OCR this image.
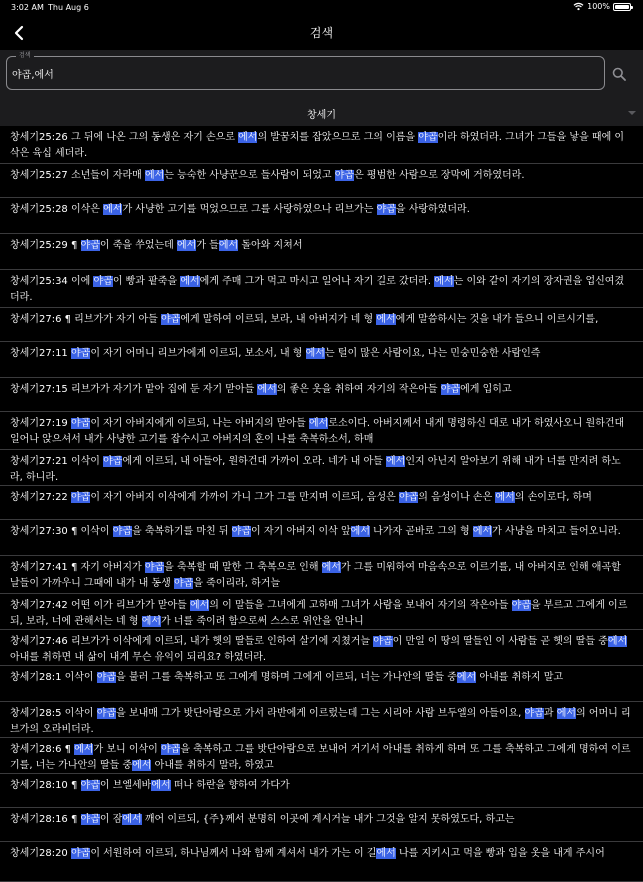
3:02 AM Thu Aug 6	100%
검색
검색
야곱,에서
창세기
창세기25:26 그 뒤에 나온 그의 동생은 자기 손으로 에서의 발꿈치를 잡았으므로 그의 이름을 야곱이라 하였더라. 그녀가 그들을 낳을 때에 이삭은 육십 세더라.
창세기25:27 소년들이 자라매 에서는 능숙한 사냥꾼으로 들사람이 되었고 야곱은 평범한 사람으로 장막에 거하였더라.
창세기25:28 이삭은 에서가 사냥한 고기를 먹었으므로 그를 사랑하였으나 리브가는 야곱을 사랑하였더라.
창세기25:29 ¶ 야곱이 죽을 쑤었는데 에서가 들에서 돌아와 지쳐서
창세기25:34 이에 야곱이 빵과 팥죽을 에서에게 주매 그가 먹고 마시고 일어나 자기 길로 갔더라. 에서는 이와 같이 자기의 장자권을 업신여겼더라.
창세기27:6 ¶ 리브가가 자기 아들 야곱에게 말하여 이르되, 보라, 내 아버지가 네 형 에서에게 말씀하시는 것을 내가 들으니 이르시기를,
창세기27:11 야곱이 자기 어머니 리브가에게 이르되, 보소서, 내 형 에서는 털이 많은 사람이요, 나는 민숭민숭한 사람인즉
창세기27:15 리브가가 자기가 맡아 집에 둔 자기 맏아들 에서의 좋은 옷을 취하여 자기의 작은아들 야곱에게 입히고
창세기27:19 야곱이 자기 아버지에게 이르되, 나는 아버지의 맏아들 에서로소이다. 아버지께서 내게 명령하신 대로 내가 하였사오니 원하건대 일어나 앉으셔서 내가 사냥한 고기를 잡수시고 아버지의 혼이 나를 축복하소서, 하매
창세기27:21 이삭이 야곱에게 이르되, 내 아들아, 원하건대 가까이 오라. 네가 내 아들 에서인지 아닌지 알아보기 위해 내가 너를 만지려 하노라, 하니라.
창세기27:22 야곱이 자기 아버지 이삭에게 가까이 가니 그가 그를 만지며 이르되, 음성은 야곱의 음성이나 손은 에서의 손이로다, 하며
창세기27:30 ¶ 이삭이 야곱을 축복하기를 마친 뒤 야곱이 자기 아버지 이삭 앞에서 나가자 곧바로 그의 형 에서가 사냥을 마치고 들어오니라.
창세기27:41 ¶ 자기 아버지가 야곱을 축복할 때 말한 그 축복으로 인해 에서가 그를 미워하여 마음속으로 이르기를, 내 아버지로 인해 애곡할 날들이 가까우니 그때에 내가 내 동생 야곱을 죽이리라, 하거늘
창세기27:42 어떤 이가 리브가가 맏아들 에서의 이 말들을 그녀에게 고하매 그녀가 사람을 보내어 자기의 작은아들 야곱을 부르고 그에게 이르되, 보라, 너에 관해서는 네 형 에서가 너를 죽이려 함으로써 스스로 위안을 얻나니
창세기27:46 리브가가 이삭에게 이르되, 내가 헷의 딸들로 인하여 살기에 지쳤거늘 야곱이 만일 이 땅의 딸들인 이 사람들 곧 헷의 딸들 중에서 아내를 취하면 내 삶이 내게 무슨 유익이 되리요? 하였더라.
창세기28:1 이삭이 야곱을 불러 그를 축복하고 또 그에게 명하며 그에게 이르되, 너는 가나안의 딸들 중에서 아내를 취하지 말고
창세기28:5 이삭이 야곱을 보내매 그가 밧단아람으로 가서 라반에게 이르렀는데 그는 시리아 사람 브두엘의 아들이요, 야곱과 에서의 어머니 리브가의 오라비더라.
창세기28:6 ¶ 에서가 보니 이삭이 야곱을 축복하고 그를 밧단아람으로 보내어 거기서 아내를 취하게 하며 또 그를 축복하고 그에게 명하여 이르기를, 너는 가나안의 딸들 중에서 아내를 취하지 말라, 하였고
창세기28:10 ¶ 야곱이 브엘세바에서 떠나 하란을 향하여 가다가
창세기28:16 ¶ 야곱이 잠에서 깨어 이르되, {주}께서 분명히 이곳에 계시거늘 내가 그것을 알지 못하였도다, 하고는
창세기28:20 야곱이 서원하여 이르되, 하나님께서 나와 함께 계셔서 내가 가는 이 길에서 나를 지키시고 먹을 빵과 입을 옷을 내게 주시어
